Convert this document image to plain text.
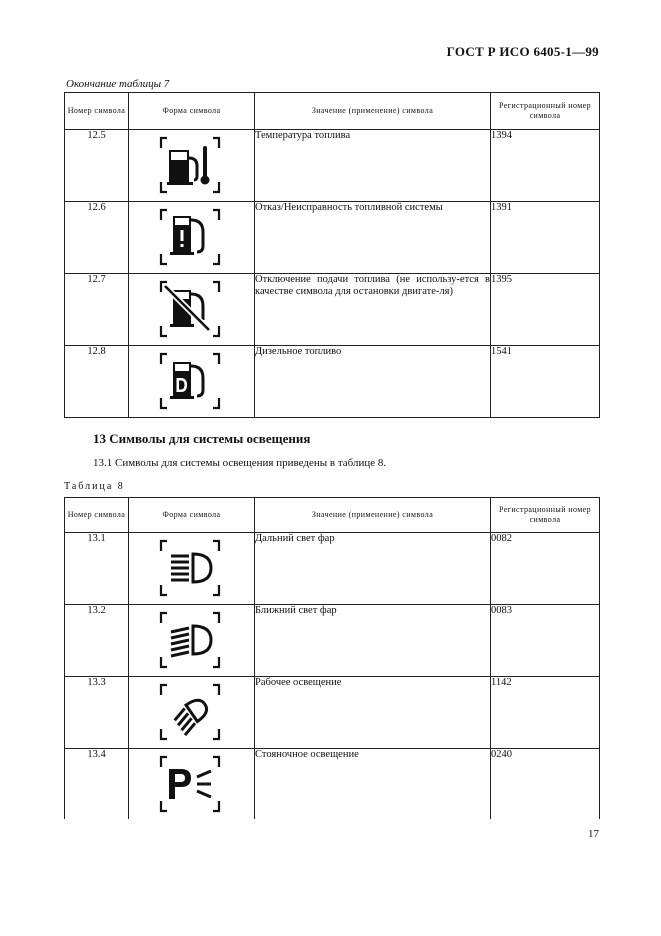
ГОСТ Р ИСО 6405-1—99
Окончание таблицы 7
Номер символа	Форма символа	Значение (применение) символа	Регистрационный номер символа
12.5		Температура топлива	1394
12.6		Отказ/Неисправность топливной системы	1391
12.7		Отключение подачи топлива (не использу-ется в качестве символа для остановки двигате-ля)	1395
12.8		Дизельное топливо	1541
13 Символы для системы освещения
13.1 Символы для системы освещения приведены в таблице 8.
Таблица 8
Номер символа	Форма символа	Значение (применение) символа	Регистрационный номер символа
13.1		Дальний свет фар	0082
13.2		Ближний свет фар	0083
13.3		Рабочее освещение	1142
13.4		Стояночное освещение	0240
17
